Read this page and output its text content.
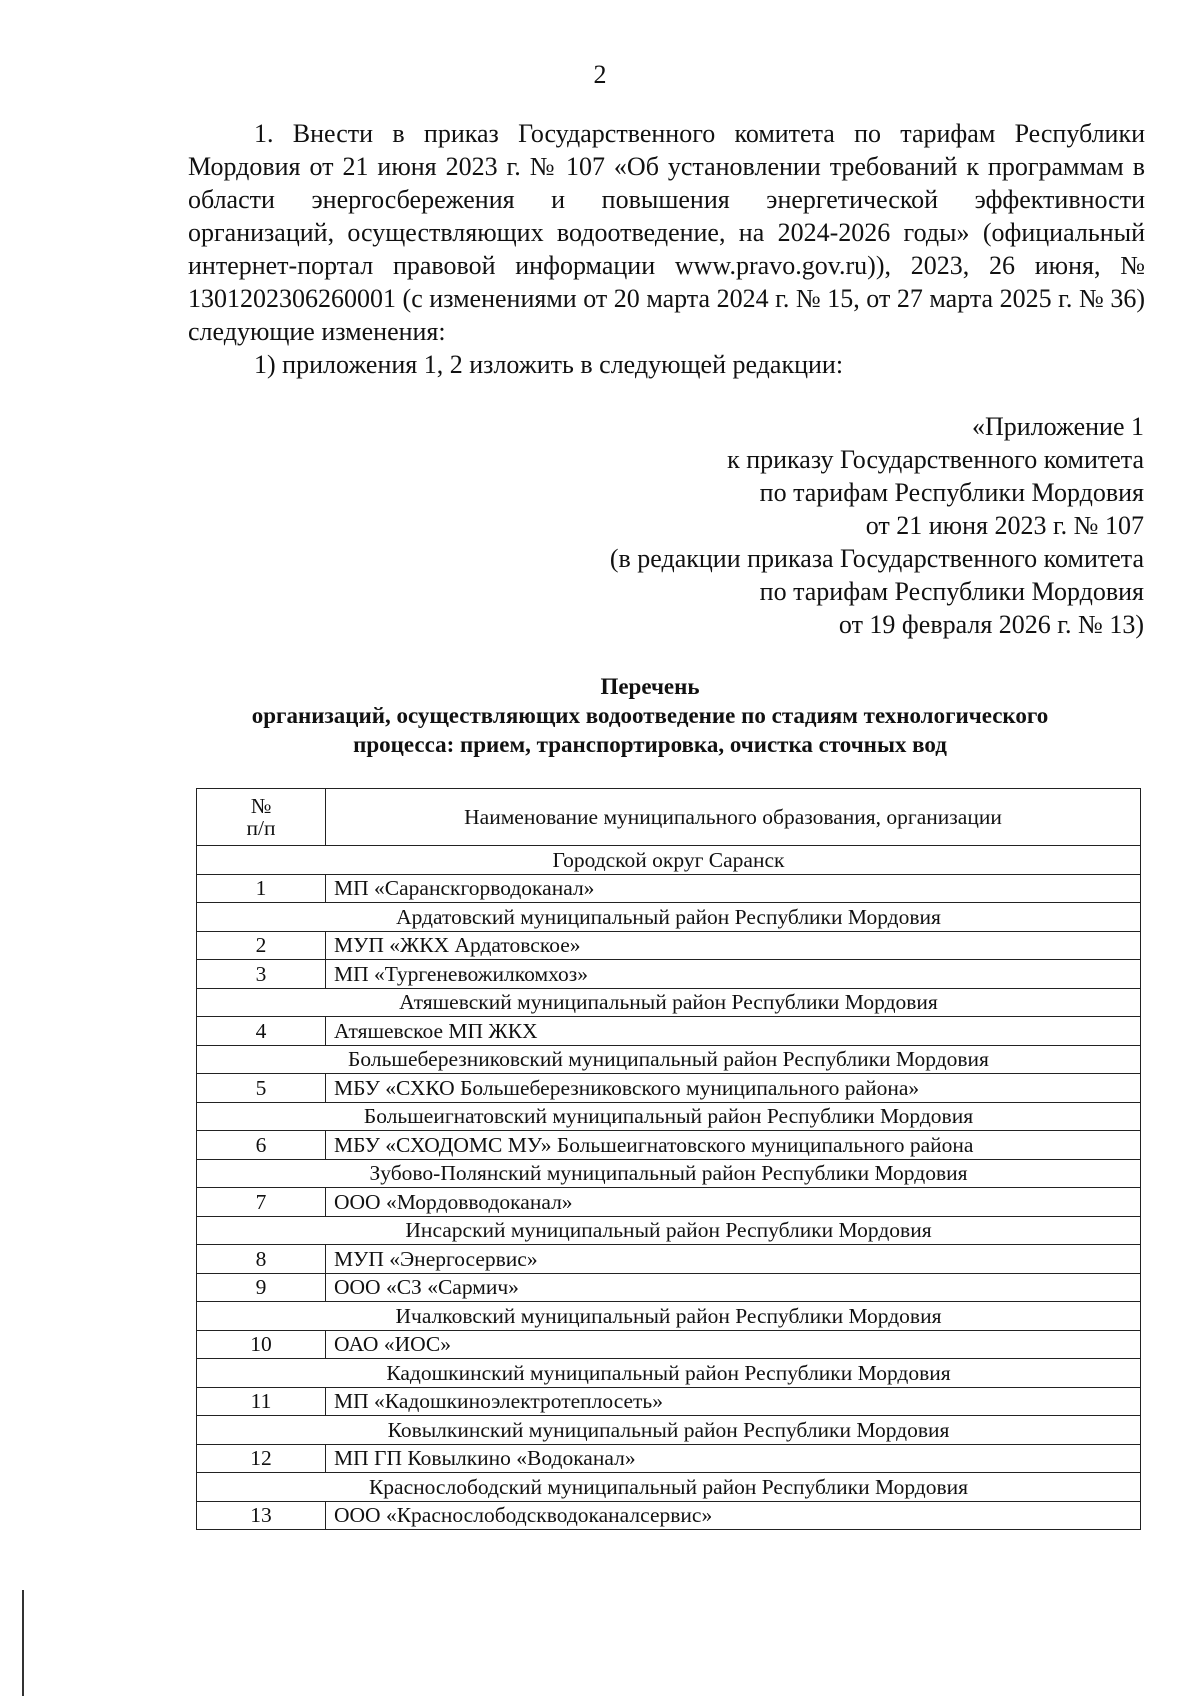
2

1. Внести в приказ Государственного комитета по тарифам Республики Мордовия от 21 июня 2023 г. № 107 «Об установлении требований к программам в области энергосбережения и повышения энергетической эффективности организаций, осуществляющих водоотведение, на 2024-2026 годы» (официальный интернет-портал правовой информации www.pravo.gov.ru)), 2023, 26 июня, № 1301202306260001 (с изменениями от 20 марта 2024 г. № 15, от 27 марта 2025 г. № 36) следующие изменения:

1) приложения 1, 2 изложить в следующей редакции:

«Приложение 1
к приказу Государственного комитета
по тарифам Республики Мордовия
от 21 июня 2023 г. № 107
(в редакции приказа Государственного комитета
по тарифам Республики Мордовия
от 19 февраля 2026 г. № 13)
Перечень
организаций, осуществляющих водоотведение по стадиям технологического
процесса: прием, транспортировка, очистка сточных вод
№
п/п	Наименование муниципального образования, организации
Городской округ Саранск	
1	МП «Саранскгорводоканал»
Ардатовский муниципальный район Республики Мордовия	
2	МУП «ЖКХ Ардатовское»
3	МП «Тургеневожилкомхоз»
Атяшевский муниципальный район Республики Мордовия	
4	Атяшевское МП ЖКХ
Большеберезниковский муниципальный район Республики Мордовия	
5	МБУ «СХКО Большеберезниковского муниципального района»
Большеигнатовский муниципальный район Республики Мордовия	
6	МБУ «СХОДОМС МУ» Большеигнатовского муниципального района
Зубово-Полянский муниципальный район Республики Мордовия	
7	ООО «Мордовводоканал»
Инсарский муниципальный район Республики Мордовия	
8	МУП «Энергосервис»
9	ООО «СЗ «Сармич»
Ичалковский муниципальный район Республики Мордовия	
10	ОАО «ИОС»
Кадошкинский муниципальный район Республики Мордовия	
11	МП «Кадошкиноэлектротеплосеть»
Ковылкинский муниципальный район Республики Мордовия	
12	МП ГП Ковылкино «Водоканал»
Краснослободский муниципальный район Республики Мордовия	
13	ООО «Краснослободскводоканалсервис»
